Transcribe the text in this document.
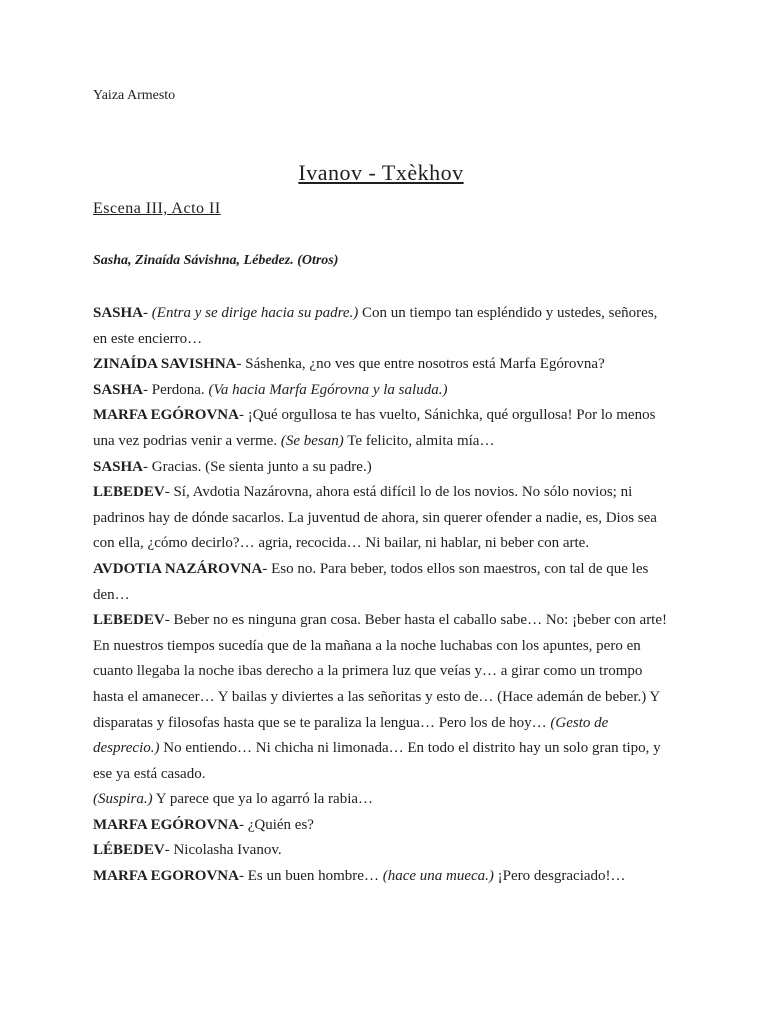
Yaiza Armesto
Ivanov - Txèkhov
Escena III, Acto II
Sasha, Zinaída Sávishna, Lébedez. (Otros)

SASHA- (Entra y se dirige hacia su padre.) Con un tiempo tan espléndido y ustedes, señores, en este encierro…

ZINAÍDA SAVISHNA- Sáshenka, ¿no ves que entre nosotros está Marfa Egórovna?

SASHA- Perdona. (Va hacia Marfa Egórovna y la saluda.)

MARFA EGÓROVNA- ¡Qué orgullosa te has vuelto, Sánichka, qué orgullosa! Por lo menos una vez podrias venir a verme. (Se besan) Te felicito, almita mía…

SASHA- Gracias. (Se sienta junto a su padre.)

LEBEDEV- Sí, Avdotia Nazárovna, ahora está difícil lo de los novios. No sólo novios; ni padrinos hay de dónde sacarlos. La juventud de ahora, sin querer ofender a nadie, es, Dios sea con ella, ¿cómo decirlo?… agria, recocida… Ni bailar, ni hablar, ni beber con arte.

AVDOTIA NAZÁROVNA- Eso no. Para beber, todos ellos son maestros, con tal de que les den…

LEBEDEV- Beber no es ninguna gran cosa. Beber hasta el caballo sabe… No: ¡beber con arte! En nuestros tiempos sucedía que de la mañana a la noche luchabas con los apuntes, pero en cuanto llegaba la noche ibas derecho a la primera luz que veías y… a girar como un trompo hasta el amanecer… Y bailas y diviertes a las señoritas y esto de… (Hace ademán de beber.) Y disparatas y filosofas hasta que se te paraliza la lengua… Pero los de hoy… (Gesto de desprecio.) No entiendo… Ni chicha ni limonada… En todo el distrito hay un solo gran tipo, y ese ya está casado.

(Suspira.) Y parece que ya lo agarró la rabia…

MARFA EGÓROVNA- ¿Quién es?

LÉBEDEV- Nicolasha Ivanov.

MARFA EGOROVNA- Es un buen hombre… (hace una mueca.) ¡Pero desgraciado!…
